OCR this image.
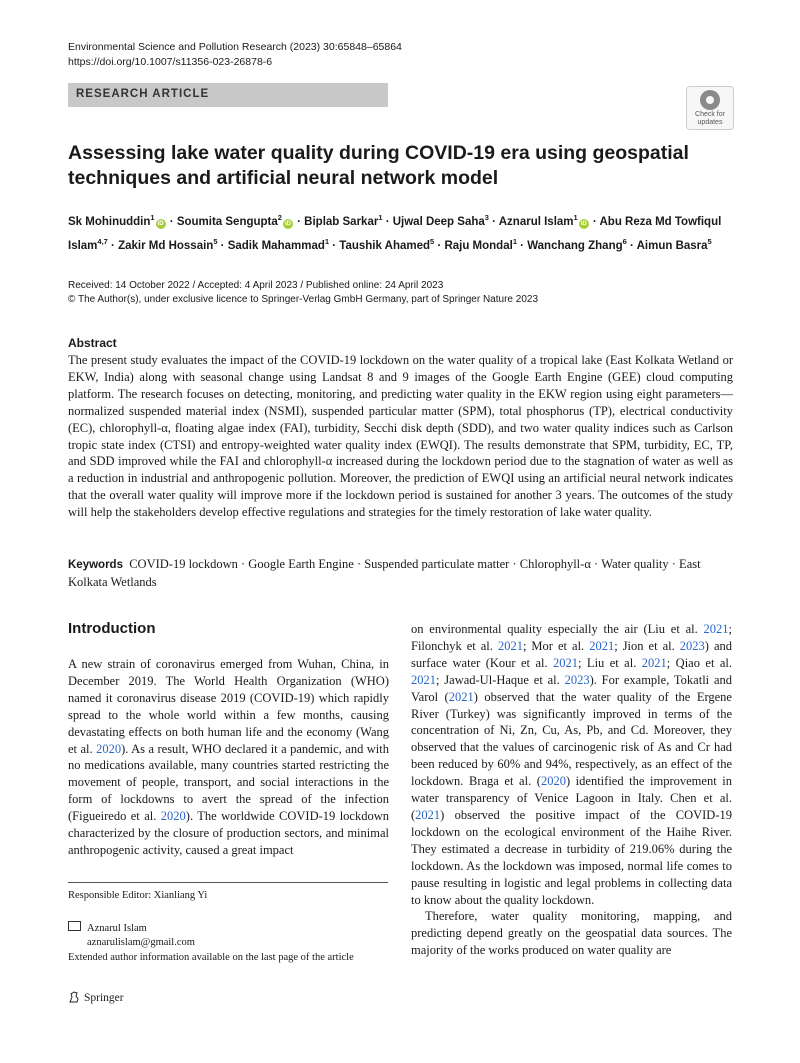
Environmental Science and Pollution Research (2023) 30:65848–65864
https://doi.org/10.1007/s11356-023-26878-6
RESEARCH ARTICLE
Check for
updates
Assessing lake water quality during COVID-19 era using geospatial
techniques and artificial neural network model
Sk Mohinuddin$^1$iD · Soumita Sengupta$^2$iD · Biplab Sarkar$^1$ · Ujwal Deep Saha$^3$ · Aznarul Islam$^1$iD · Abu Reza Md Towfiqul Islam$^{4,7}$ · Zakir Md Hossain$^5$ · Sadik Mahammad$^1$ · Taushik Ahamed$^5$ · Raju Mondal$^1$ · Wanchang Zhang$^6$ · Aimun Basra$^5$
Received: 14 October 2022 / Accepted: 4 April 2023 / Published online: 24 April 2023
© The Author(s), under exclusive licence to Springer-Verlag GmbH Germany, part of Springer Nature 2023
Abstract
The present study evaluates the impact of the COVID-19 lockdown on the water quality of a tropical lake (East Kolkata Wetland or EKW, India) along with seasonal change using Landsat 8 and 9 images of the Google Earth Engine (GEE) cloud computing platform. The research focuses on detecting, monitoring, and predicting water quality in the EKW region using eight parameters—normalized suspended material index (NSMI), suspended particular matter (SPM), total phosphorus (TP), electrical conductivity (EC), chlorophyll-α, floating algae index (FAI), turbidity, Secchi disk depth (SDD), and two water quality indices such as Carlson tropic state index (CTSI) and entropy-weighted water quality index (EWQI). The results demonstrate that SPM, turbidity, EC, TP, and SDD improved while the FAI and chlorophyll-α increased during the lockdown period due to the stagnation of water as well as a reduction in industrial and anthropogenic pollution. Moreover, the prediction of EWQI using an artificial neural network indicates that the overall water quality will improve more if the lockdown period is sustained for another 3 years. The outcomes of the study will help the stakeholders develop effective regulations and strategies for the timely restoration of lake water quality.
Keywords COVID-19 lockdown · Google Earth Engine · Suspended particulate matter · Chlorophyll-α · Water quality · East Kolkata Wetlands
Introduction

A new strain of coronavirus emerged from Wuhan, China, in December 2019. The World Health Organization (WHO) named it coronavirus disease 2019 (COVID-19) which rapidly spread to the whole world within a few months, causing devastating effects on both human life and the economy (Wang et al. 2020). As a result, WHO declared it a pandemic, and with no medications available, many countries started restricting the movement of people, transport, and social interactions in the form of lockdowns to avert the spread of the infection (Figueiredo et al. 2020). The worldwide COVID-19 lockdown characterized by the closure of production sectors, and minimal anthropogenic activity, caused a great impact

on environmental quality especially the air (Liu et al. 2021; Filonchyk et al. 2021; Mor et al. 2021; Jion et al. 2023) and surface water (Kour et al. 2021; Liu et al. 2021; Qiao et al. 2021; Jawad-Ul-Haque et al. 2023). For example, Tokatli and Varol (2021) observed that the water quality of the Ergene River (Turkey) was significantly improved in terms of the concentration of Ni, Zn, Cu, As, Pb, and Cd. Moreover, they observed that the values of carcinogenic risk of As and Cr had been reduced by 60% and 94%, respectively, as an effect of the lockdown. Braga et al. (2020) identified the improvement in water transparency of Venice Lagoon in Italy. Chen et al. (2021) observed the positive impact of the COVID-19 lockdown on the ecological environment of the Haihe River. They estimated a decrease in turbidity of 219.06% during the lockdown. As the lockdown was imposed, normal life comes to pause resulting in logistic and legal problems in collecting data to know about the quality lockdown.

Therefore, water quality monitoring, mapping, and predicting depend greatly on the geospatial data sources. The majority of the works produced on water quality are

Responsible Editor: Xianliang Yi
Aznarul Islam
aznarulislam@gmail.com
Extended author information available on the last page of the article
Springer
